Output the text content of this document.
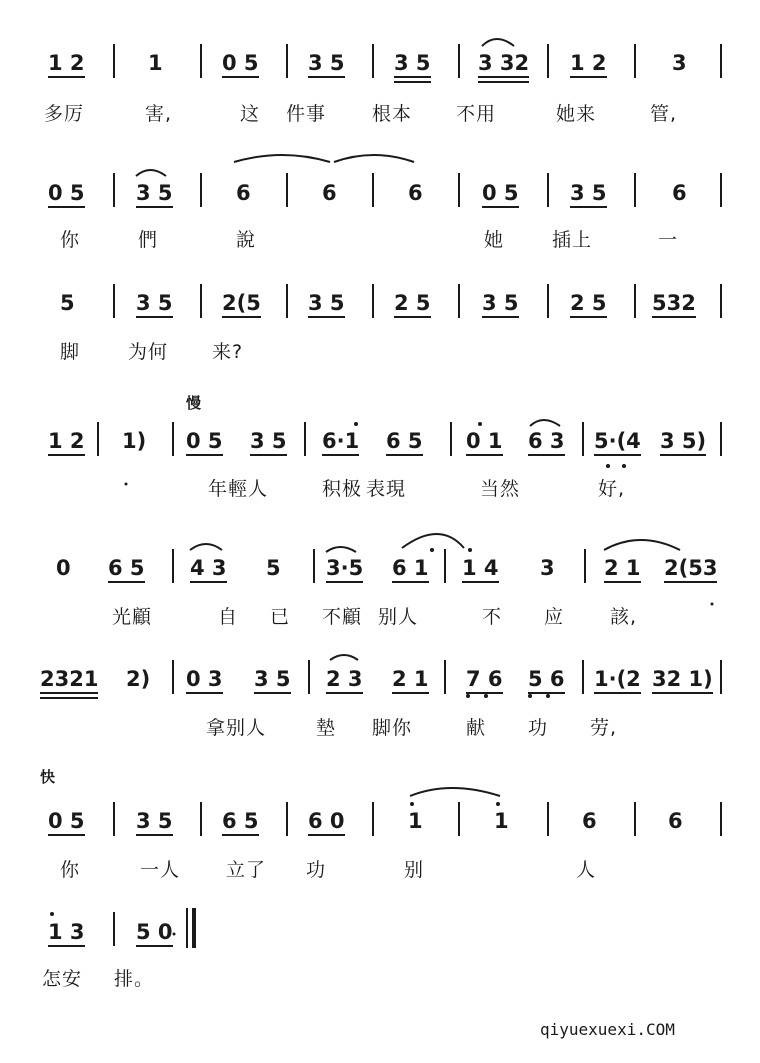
1 2	1	0 5 3 5 3 5 3 32 1 2	3
多厉	害,	这 件事 根本 不用	她来	管,
0 5 3 5	6	6	6	0 5 3 5	6
你	們	說	她	插上	一
5	3 5 2(5 3 5 2 5 3 5 2 5 532
脚	为何 来?
慢
1 2 1) 0 5 3 5 6·1 6 5 0 1 6 3 5·(4 3 5)
年輕人	积极 表現	当然	好,
0 6 5 4 3 5 3·5 6 1 1 4 3 2 1 2(53
光顧	自 已 不顧 别人	不 应 該,
2321 2) 0 3 3 5 2 3 2 1 7 6 5 6 1·(2 32 1)
拿别人	墊 脚你	献 功 劳,
快
0 5 3 5 6 5 6 0	1	1	6	6
你	一人 立了 功	别	人
1 3 5 0
怎安 排。
qiyuexuexi.COM
